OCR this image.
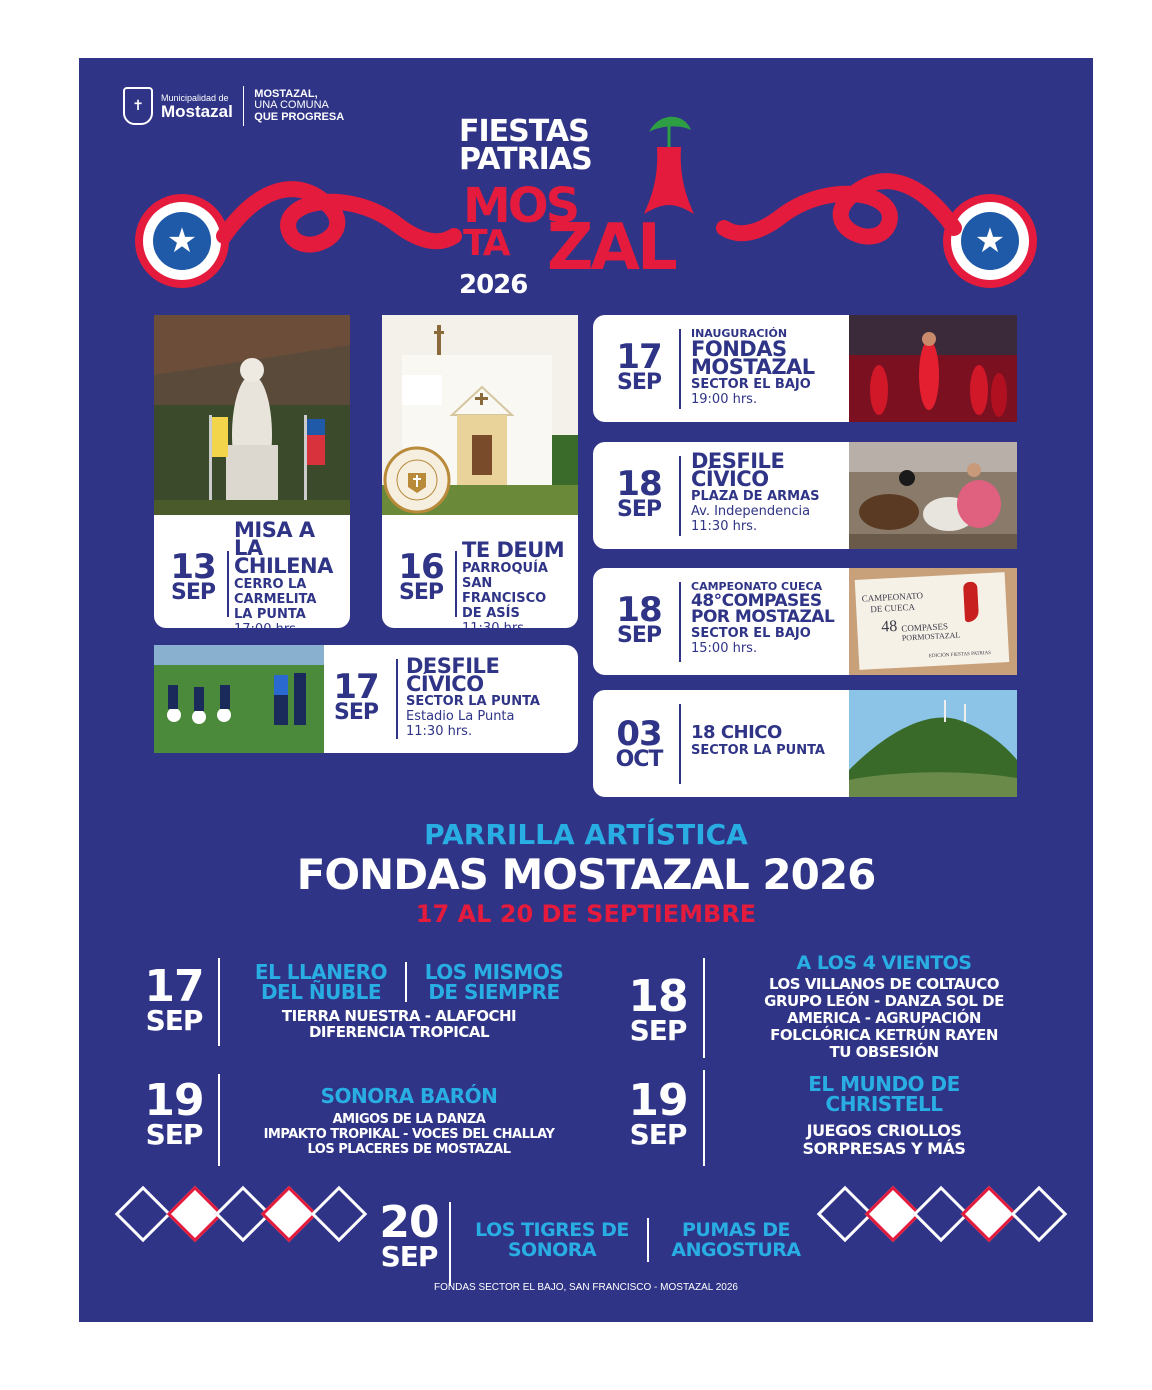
✝
Municipalidad de
Mostazal
MOSTAZAL,
UNA COMUNA
QUE PROGRESA
★	★
FIESTAS
PATRIAS
MOS
TA ZAL
2026
13
SEP
MISA A LA
CHILENA
CERRO LA
CARMELITA
LA PUNTA
17:00 hrs.
16
SEP
TE DEUM
PARROQUÍA
SAN FRANCISCO
DE ASÍS
11:30 hrs.
17
SEP
INAUGURACIÓN
FONDAS
MOSTAZAL
SECTOR EL BAJO
19:00 hrs.
18
SEP
DESFILE
CÍVICO
PLAZA DE ARMAS
Av. Independencia
11:30 hrs.
18
SEP
CAMPEONATO CUECA
48°COMPASES
POR MOSTAZAL
SECTOR EL BAJO
15:00 hrs.
CAMPEONATO
DE CUECA
48 COMPASES
PORMOSTAZAL
EDICIÓN FIESTAS PATRIAS
17
SEP
DESFILE
CÍVICO
SECTOR LA PUNTA
Estadio La Punta
11:30 hrs.	03
OCT
18 CHICO
SECTOR LA PUNTA
PARRILLA ARTÍSTICA
FONDAS MOSTAZAL 2026
17 AL 20 DE SEPTIEMBRE
17
SEP
EL LLANERO
DEL ÑUBLE
LOS MISMOS
DE SIEMPRE
TIERRA NUESTRA - ALAFOCHI
DIFERENCIA TROPICAL
18
SEP
A LOS 4 VIENTOS
LOS VILLANOS DE COLTAUCO
GRUPO LEÓN - DANZA SOL DE
AMERICA - AGRUPACIÓN
FOLCLÓRICA KETRÚN RAYEN
TU OBSESIÓN
19
SEP
SONORA BARÓN
AMIGOS DE LA DANZA
IMPAKTO TROPIKAL - VOCES DEL CHALLAY
LOS PLACERES DE MOSTAZAL
19
SEP
EL MUNDO DE
CHRISTELL
JUEGOS CRIOLLOS
SORPRESAS Y MÁS
20
SEP
LOS TIGRES DE
SONORA
PUMAS DE
ANGOSTURA
FONDAS SECTOR EL BAJO, SAN FRANCISCO - MOSTAZAL 2026
